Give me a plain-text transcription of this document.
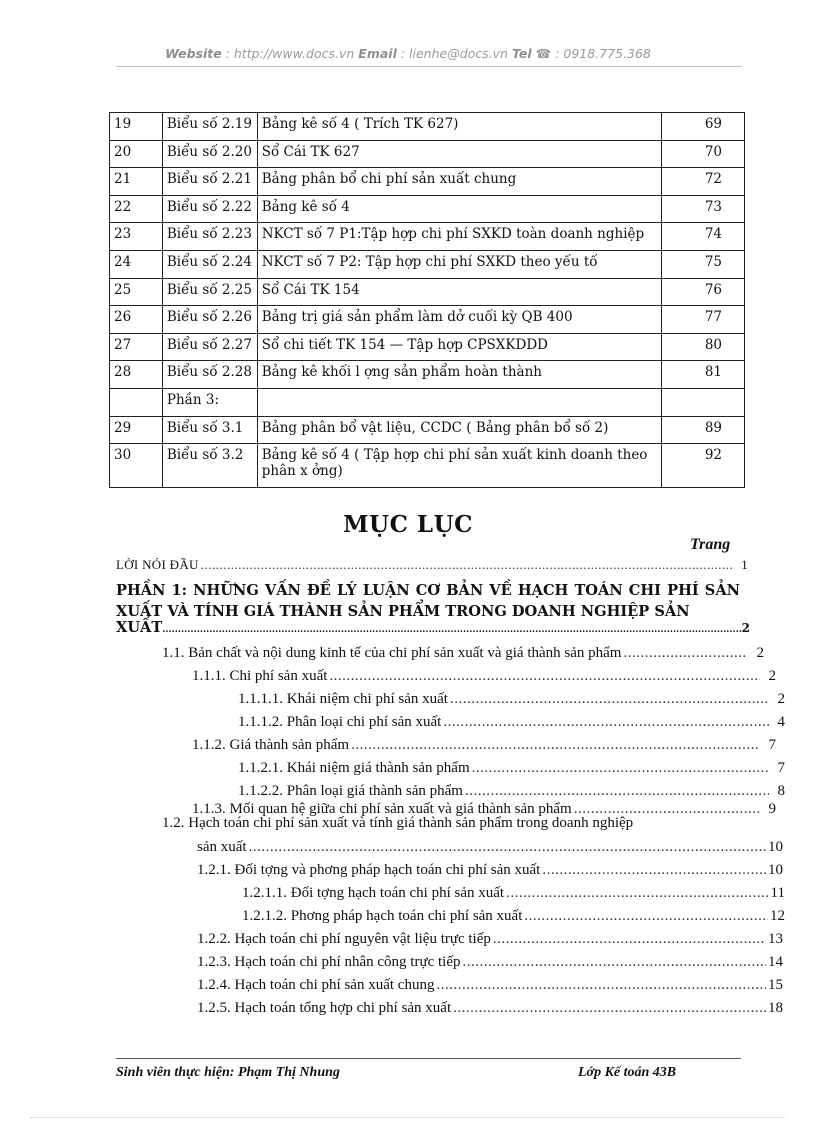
Website : http://www.docs.vn Email : lienhe@docs.vn Tel ☎ : 0918.775.368
19	Biểu số 2.19	Bảng kê số 4 ( Trích TK 627)	69
20	Biểu số 2.20	Sổ Cái TK 627	70
21	Biểu số 2.21	Bảng phân bổ chi phí sản xuất chung	72
22	Biểu số 2.22	Bảng kê số 4	73
23	Biểu số 2.23	NKCT số 7 P1:Tập hợp chi phí SXKD toàn doanh nghiệp	74
24	Biểu số 2.24	NKCT số 7 P2: Tập hợp chi phí SXKD theo yếu tố	75
25	Biểu số 2.25	Sổ Cái TK 154	76
26	Biểu số 2.26	Bảng trị giá sản phẩm làm dở cuối kỳ QB 400	77
27	Biểu số 2.27	Sổ chi tiết TK 154 — Tập hợp CPSXKDDD	80
28	Biểu số 2.28	Bảng kê khối l ợng sản phẩm hoàn thành	81
	Phần 3:		
29	Biểu số 3.1	Bảng phân bổ vật liệu, CCDC ( Bảng phân bổ số 2)	89
30	Biểu số 3.2	Bảng kê số 4 ( Tập hợp chi phí sản xuất kinh doanh theo phân x ởng)	92
MỤC LỤC
Trang
LỜI NÓI ĐẦU .....	1
PHẦN 1: NHỮNG VẤN ĐỀ LÝ LUẬN CƠ BẢN VỀ HẠCH TOÁN CHI PHÍ SẢN XUẤT VÀ TÍNH GIÁ THÀNH SẢN PHẨM TRONG DOANH NGHIỆP SẢN
XUẤT .....	2
1.2. Hạch toán chi phí sản xuất và tính giá thành sản phẩm trong doanh nghiệp
1.1. Bản chất và nội dung kinh tế của chi phí sản xuất và giá thành sản phẩm .....	2
1.1.1. Chi phí sản xuất .....	2
1.1.1.1. Khái niệm chi phí sản xuất .....	2
1.1.1.2. Phân loại chi phí sản xuất .....	4
1.1.2. Giá thành sản phẩm .....	7
1.1.2.1. Khái niệm giá thành sản phẩm .....	7
1.1.2.2. Phân loại giá thành sản phẩm .....	8
1.1.3. Mối quan hệ giữa chi phí sản xuất và giá thành sản phẩm .....	9
sản xuất .....	10
1.2.1. Đối tợng và phơng pháp hạch toán chi phí sản xuất .....	10
1.2.1.1. Đối tợng hạch toán chi phí sản xuất .....	11
1.2.1.2. Phơng pháp hạch toán chi phí sản xuất .....	12
1.2.2. Hạch toán chi phí nguyên vật liệu trực tiếp .....	13
1.2.3. Hạch toán chi phí nhân công trực tiếp .....	14
1.2.4. Hạch toán chi phí sản xuất chung .....	15
1.2.5. Hạch toán tổng hợp chi phí sản xuất .....	18
Sinh viên thực hiện: Phạm Thị Nhung	Lớp Kế toán 43B
